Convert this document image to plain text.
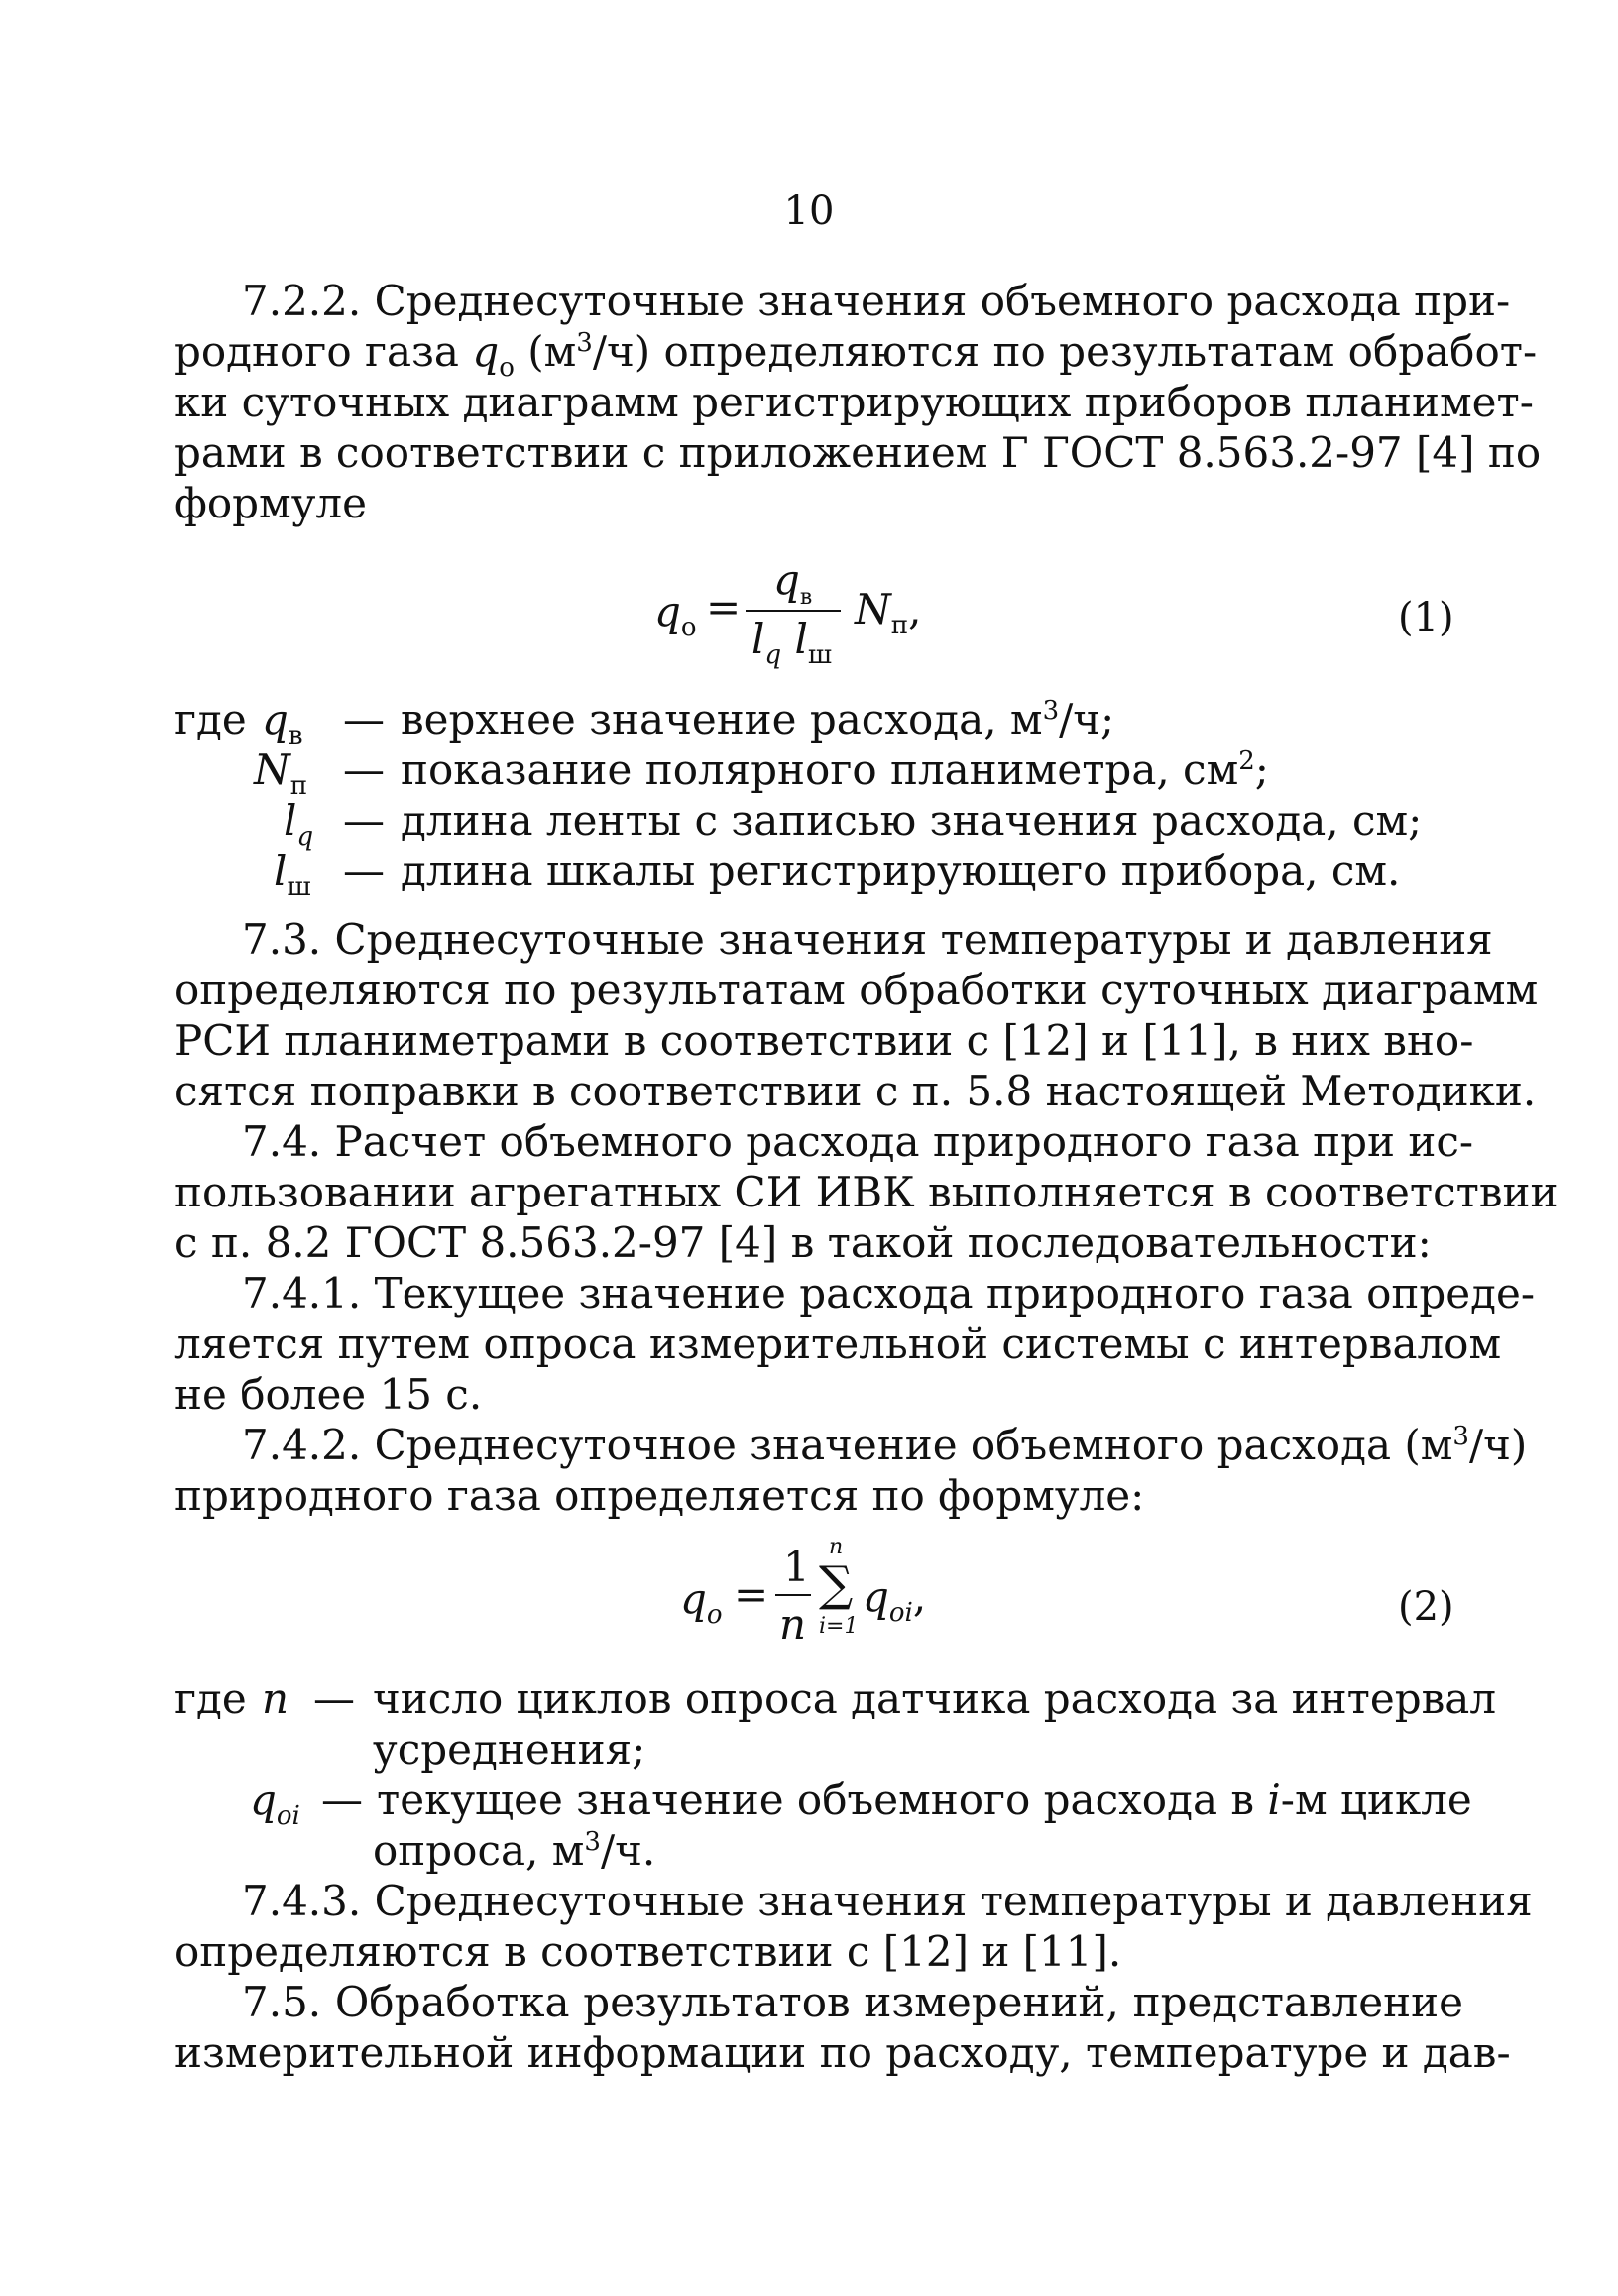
10
7.2.2. Среднесуточные значения объемного расхода при-
родного газа $q_о$ $(м^3/ч)$ определяются по результатам обработ-
ки суточных диаграмм регистрирующих приборов планимет-
рами в соответствии с приложением Г ГОСТ 8.563.2-97 [4] по
формуле
$q_о$ =
$q_в$
$l_q$ $l_ш$
$N_п$,	(1)
где $q_в$ — верхнее значение расхода, $м^3/ч$;
$N_п$ — показание полярного планиметра, $см^2$;
$l_q$ — длина ленты с записью значения расхода, см;
$l_ш$ — длина шкалы регистрирующего прибора, см.
7.3. Среднесуточные значения температуры и давления
определяются по результатам обработки суточных диаграмм
РСИ планиметрами в соответствии с [12] и [11], в них вно-
сятся поправки в соответствии с п. 5.8 настоящей Методики.
7.4. Расчет объемного расхода природного газа при ис-
пользовании агрегатных СИ ИВК выполняется в соответствии
с п. 8.2 ГОСТ 8.563.2-97 [4] в такой последовательности:
7.4.1. Текущее значение расхода природного газа опреде-
ляется путем опроса измерительной системы с интервалом
не более 15 с.
7.4.2. Среднесуточное значение объемного расхода $(м^3/ч)$
природного газа определяется по формуле:
$q_o$ =
1
n
n
∑
i=1
$q_{oi}$,	(2)
где n — число циклов опроса датчика расхода за интервал
усреднения;
$q_{oi}$ — текущее значение объемного расхода в i-м цикле
опроса, $м^3/ч$.
7.4.3. Среднесуточные значения температуры и давления
определяются в соответствии с [12] и [11].
7.5. Обработка результатов измерений, представление
измерительной информации по расходу, температуре и дав-
